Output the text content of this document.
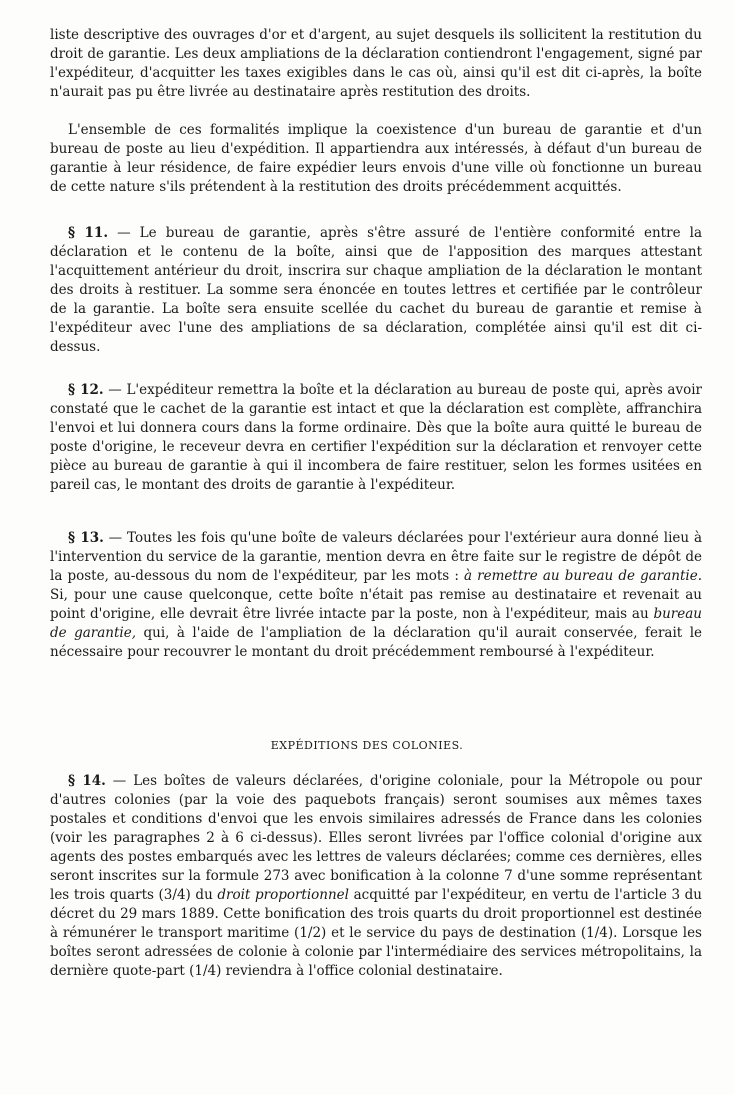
liste descriptive des ouvrages d'or et d'argent, au sujet desquels ils sollicitent la restitution du droit de garantie. Les deux ampliations de la déclaration contiendront l'engagement, signé par l'expéditeur, d'acquitter les taxes exigibles dans le cas où, ainsi qu'il est dit ci-après, la boîte n'aurait pas pu être livrée au destinataire après restitution des droits.

L'ensemble de ces formalités implique la coexistence d'un bureau de garantie et d'un bureau de poste au lieu d'expédition. Il appartiendra aux intéressés, à défaut d'un bureau de garantie à leur résidence, de faire expédier leurs envois d'une ville où fonctionne un bureau de cette nature s'ils prétendent à la restitution des droits précédemment acquittés.

§ 11. — Le bureau de garantie, après s'être assuré de l'entière conformité entre la déclaration et le contenu de la boîte, ainsi que de l'apposition des marques attestant l'acquittement antérieur du droit, inscrira sur chaque ampliation de la déclaration le montant des droits à restituer. La somme sera énoncée en toutes lettres et certifiée par le contrôleur de la garantie. La boîte sera ensuite scellée du cachet du bureau de garantie et remise à l'expéditeur avec l'une des ampliations de sa déclaration, complétée ainsi qu'il est dit ci-dessus.

§ 12. — L'expéditeur remettra la boîte et la déclaration au bureau de poste qui, après avoir constaté que le cachet de la garantie est intact et que la déclaration est complète, affranchira l'envoi et lui donnera cours dans la forme ordinaire. Dès que la boîte aura quitté le bureau de poste d'origine, le receveur devra en certifier l'expédition sur la déclaration et renvoyer cette pièce au bureau de garantie à qui il incombera de faire restituer, selon les formes usitées en pareil cas, le montant des droits de garantie à l'expéditeur.

§ 13. — Toutes les fois qu'une boîte de valeurs déclarées pour l'extérieur aura donné lieu à l'intervention du service de la garantie, mention devra en être faite sur le registre de dépôt de la poste, au-dessous du nom de l'expéditeur, par les mots : à remettre au bureau de garantie. Si, pour une cause quelconque, cette boîte n'était pas remise au destinataire et revenait au point d'origine, elle devrait être livrée intacte par la poste, non à l'expéditeur, mais au bureau de garantie, qui, à l'aide de l'ampliation de la déclaration qu'il aurait conservée, ferait le nécessaire pour recouvrer le montant du droit précédemment remboursé à l'expéditeur.

EXPÉDITIONS DES COLONIES.

§ 14. — Les boîtes de valeurs déclarées, d'origine coloniale, pour la Métropole ou pour d'autres colonies (par la voie des paquebots français) seront soumises aux mêmes taxes postales et conditions d'envoi que les envois similaires adressés de France dans les colonies (voir les paragraphes 2 à 6 ci-dessus). Elles seront livrées par l'office colonial d'origine aux agents des postes embarqués avec les lettres de valeurs déclarées; comme ces dernières, elles seront inscrites sur la formule 273 avec bonification à la colonne 7 d'une somme représentant les trois quarts (3/4) du droit proportionnel acquitté par l'expéditeur, en vertu de l'article 3 du décret du 29 mars 1889. Cette bonification des trois quarts du droit proportionnel est destinée à rémunérer le transport maritime (1/2) et le service du pays de destination (1/4). Lorsque les boîtes seront adressées de colonie à colonie par l'intermédiaire des services métropolitains, la dernière quote-part (1/4) reviendra à l'office colonial destinataire.
